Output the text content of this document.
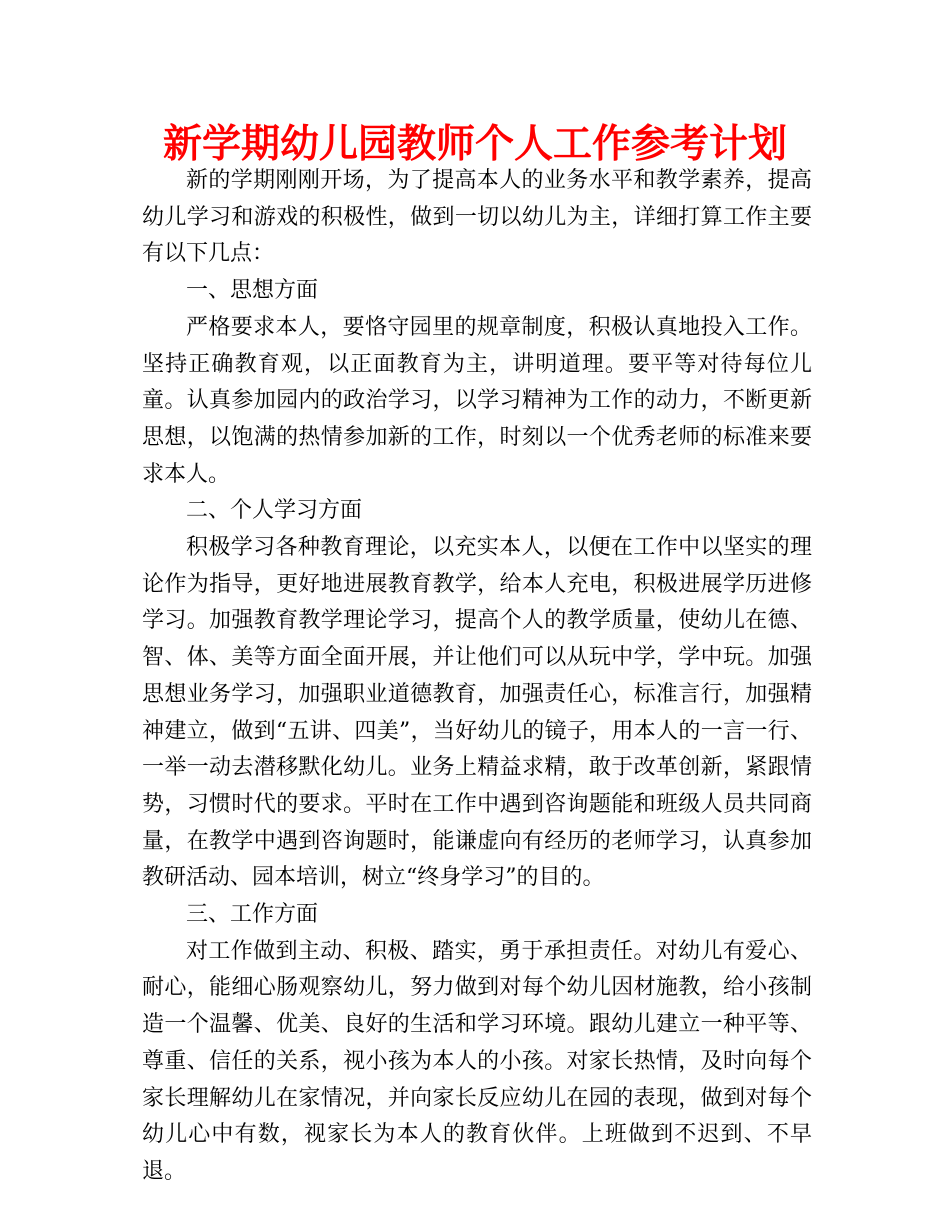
新学期幼儿园教师个人工作参考计划

新的学期刚刚开场，为了提高本人的业务水平和教学素养，提高幼儿学习和游戏的积极性，做到一切以幼儿为主，详细打算工作主要有以下几点：

一、思想方面

严格要求本人，要恪守园里的规章制度，积极认真地投入工作。坚持正确教育观，以正面教育为主，讲明道理。要平等对待每位儿童。认真参加园内的政治学习，以学习精神为工作的动力，不断更新思想，以饱满的热情参加新的工作，时刻以一个优秀老师的标准来要求本人。

二、个人学习方面

积极学习各种教育理论，以充实本人，以便在工作中以坚实的理论作为指导，更好地进展教育教学，给本人充电，积极进展学历进修学习。加强教育教学理论学习，提高个人的教学质量，使幼儿在德、智、体、美等方面全面开展，并让他们可以从玩中学，学中玩。加强思想业务学习，加强职业道德教育，加强责任心，标准言行，加强精神建立，做到“五讲、四美”，当好幼儿的镜子，用本人的一言一行、一举一动去潜移默化幼儿。业务上精益求精，敢于改革创新，紧跟情势，习惯时代的要求。平时在工作中遇到咨询题能和班级人员共同商量，在教学中遇到咨询题时，能谦虚向有经历的老师学习，认真参加教研活动、园本培训，树立“终身学习”的目的。

三、工作方面

对工作做到主动、积极、踏实，勇于承担责任。对幼儿有爱心、耐心，能细心肠观察幼儿，努力做到对每个幼儿因材施教，给小孩制造一个温馨、优美、良好的生活和学习环境。跟幼儿建立一种平等、尊重、信任的关系，视小孩为本人的小孩。对家长热情，及时向每个家长理解幼儿在家情况，并向家长反应幼儿在园的表现，做到对每个幼儿心中有数，视家长为本人的教育伙伴。上班做到不迟到、不早退。
